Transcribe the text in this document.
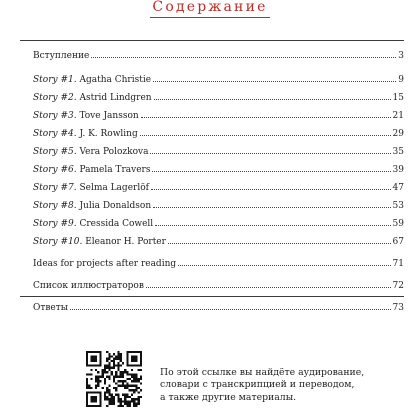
Содержание
Вступление	3
Story #1. Agatha Christie	9
Story #2. Astrid Lindgren	15
Story #3. Tove Jansson	21
Story #4. J. K. Rowling	29
Story #5. Vera Polozkova	35
Story #6. Pamela Travers	39
Story #7. Selma Lagerlöf	47
Story #8. Julia Donaldson	53
Story #9. Cressida Cowell	59
Story #10. Eleanor H. Porter	67
Ideas for projects after reading	71
Список иллюстраторов	72
Ответы	73
По этой ссылке вы найдёте аудирование,
словари с транскрипцией и переводом,
а также другие материалы.
